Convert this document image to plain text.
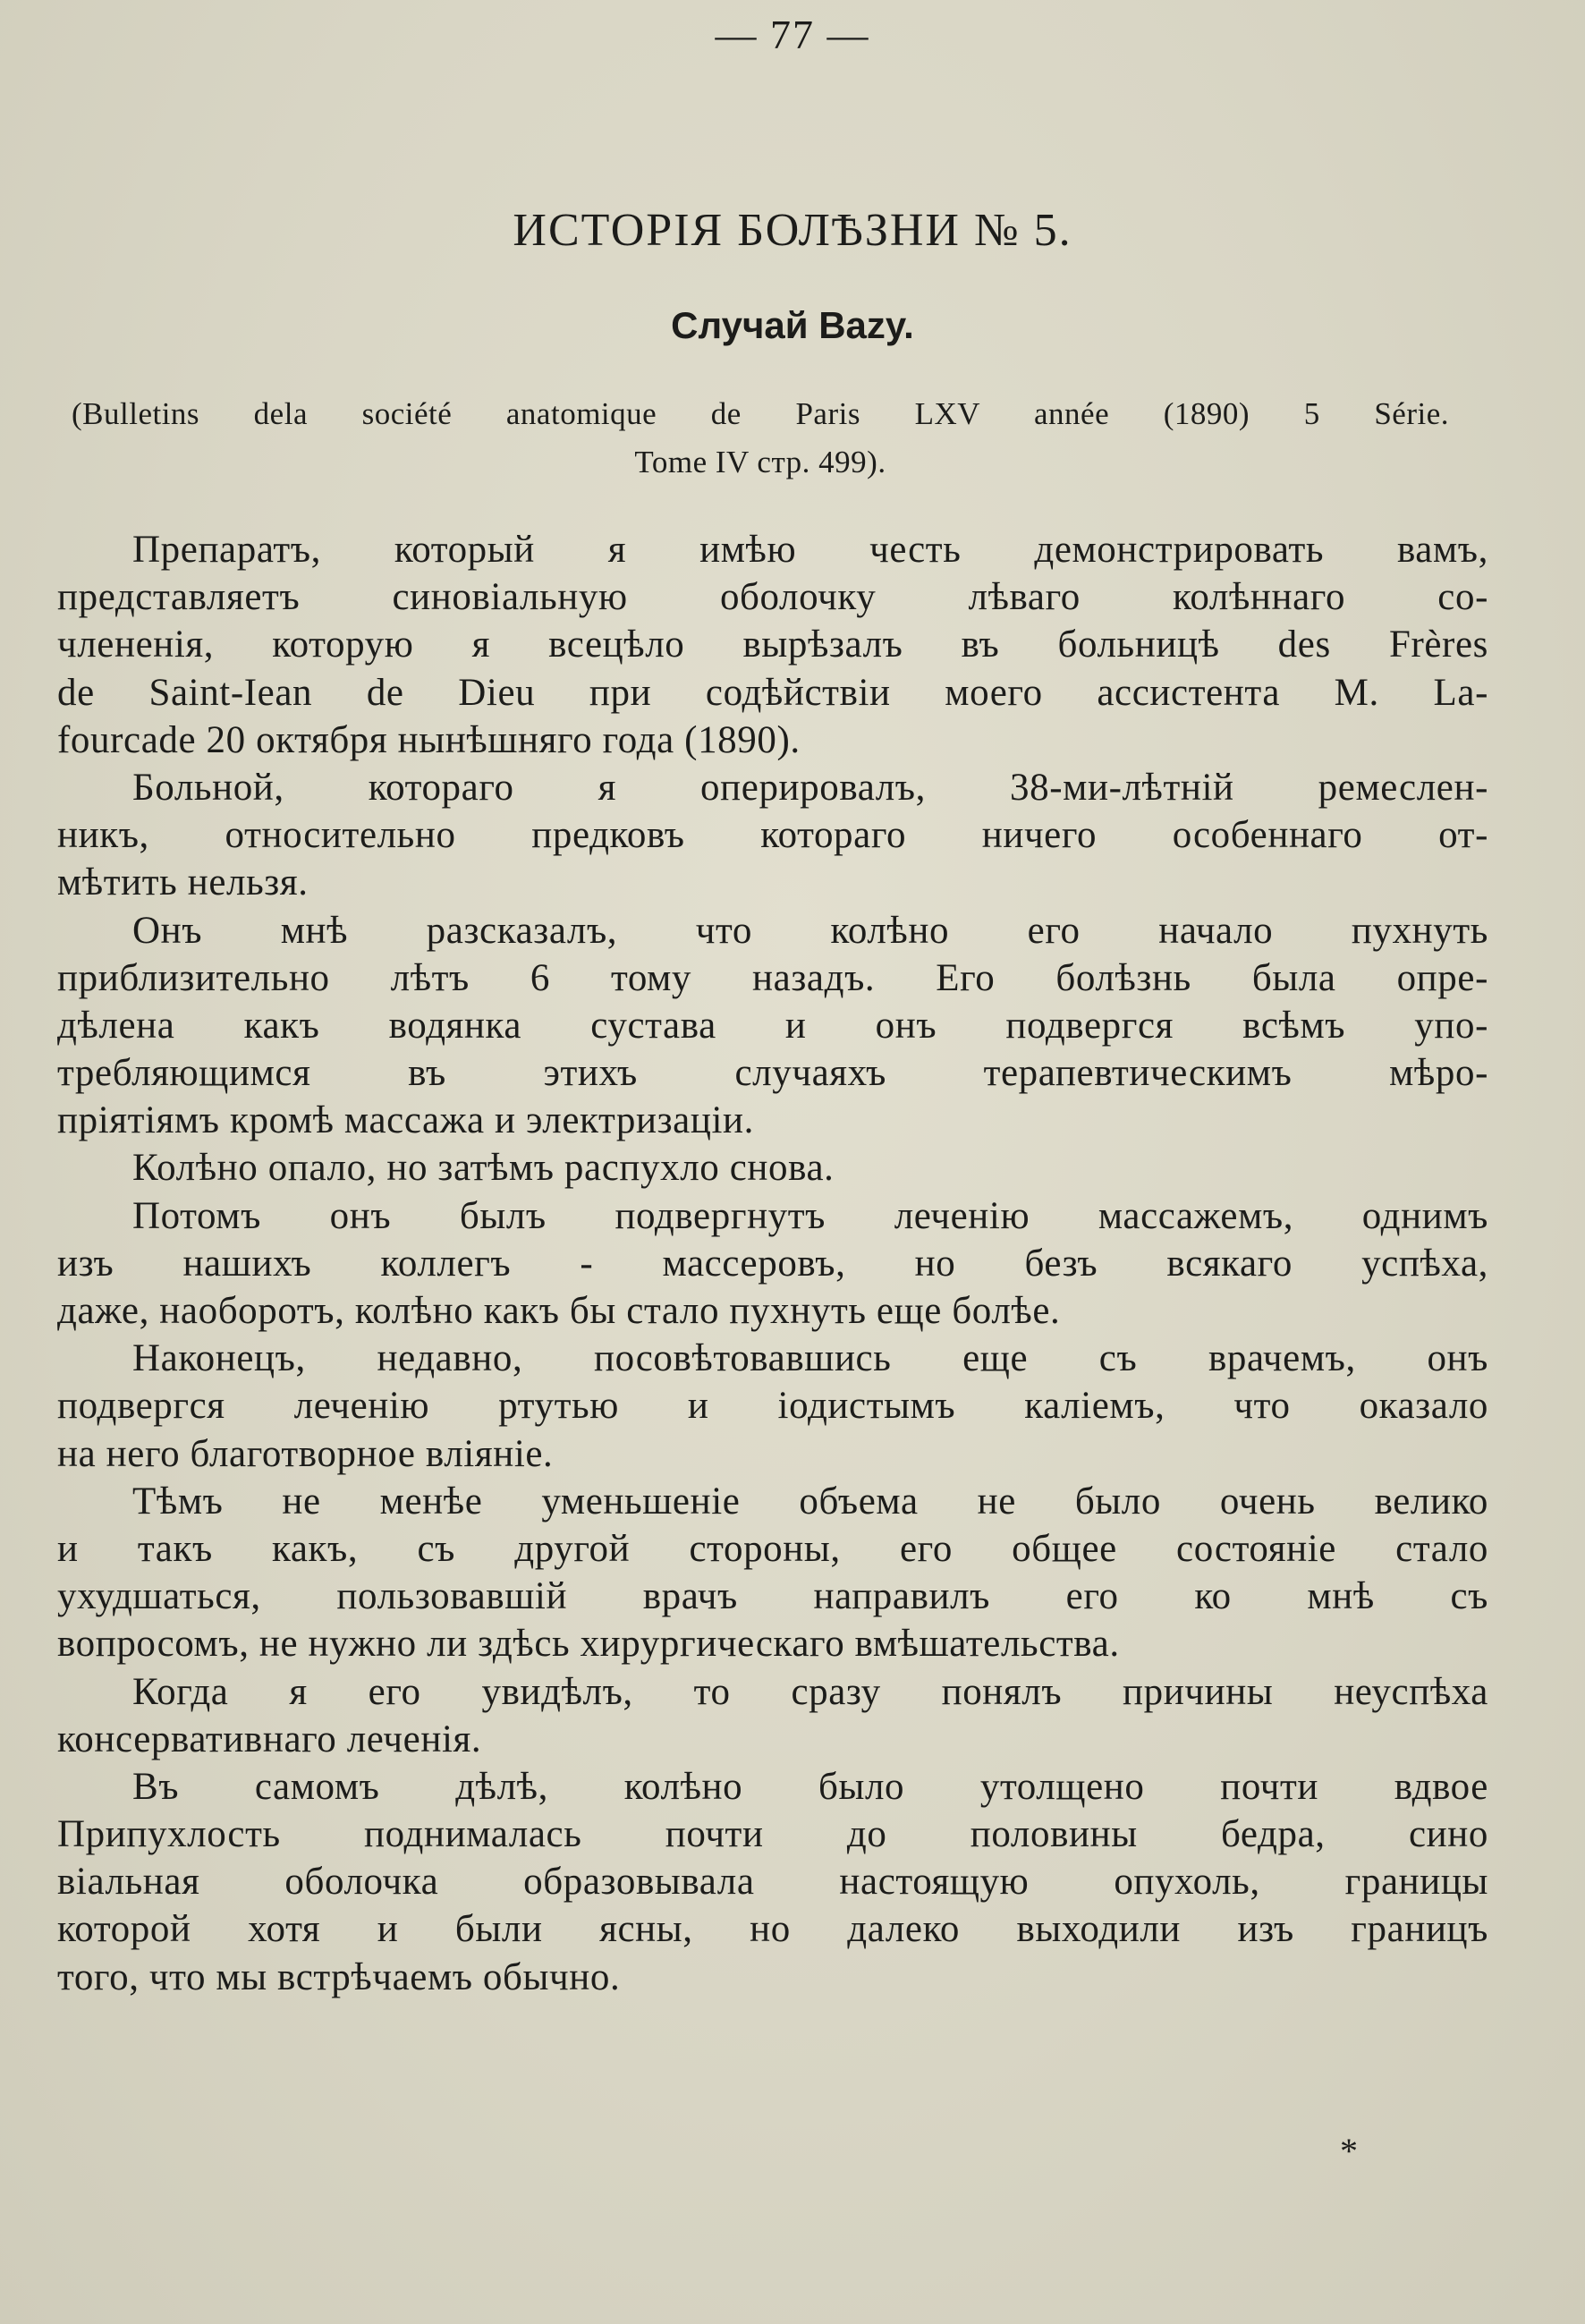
— 77 —
ИСТОРІЯ БОЛѢЗНИ № 5.
Случай Bazy.
(Bulletins dela société anatomique de Paris LXV année (1890) 5 Série.
Tome IV стр. 499).
Препаратъ, который я имѣю честь демонстрировать вамъ,
представляетъ синовіальную оболочку лѣваго колѣннаго со-
члененія, которую я всецѣло вырѣзалъ въ больницѣ des Frères
de Saint-Iean de Dieu при содѣйствіи моего ассистента M. La-
fourcade 20 октября нынѣшняго года (1890).
Больной, котораго я оперировалъ, 38-ми-лѣтній ремеслен-
никъ, относительно предковъ котораго ничего особеннаго от-
мѣтить нельзя.
Онъ мнѣ разсказалъ, что колѣно его начало пухнуть
приблизительно лѣтъ 6 тому назадъ. Его болѣзнь была опре-
дѣлена какъ водянка сустава и онъ подвергся всѣмъ упо-
требляющимся въ этихъ случаяхъ терапевтическимъ мѣро-
пріятіямъ кромѣ массажа и электризаціи.
Колѣно опало, но затѣмъ распухло снова.
Потомъ онъ былъ подвергнутъ леченію массажемъ, однимъ
изъ нашихъ коллегъ - массеровъ, но безъ всякаго успѣха,
даже, наоборотъ, колѣно какъ бы стало пухнуть еще болѣе.
Наконецъ, недавно, посовѣтовавшись еще съ врачемъ, онъ
подвергся леченію ртутью и іодистымъ каліемъ, что оказало
на него благотворное вліяніе.
Тѣмъ не менѣе уменьшеніе объема не было очень велико
и такъ какъ, съ другой стороны, его общее состояніе стало
ухудшаться, пользовавшій врачъ направилъ его ко мнѣ съ
вопросомъ, не нужно ли здѣсь хирургическаго вмѣшательства.
Когда я его увидѣлъ, то сразу понялъ причины неуспѣха
консервативнаго леченія.
Въ самомъ дѣлѣ, колѣно было утолщено почти вдвое
Припухлость поднималась почти до половины бедра, сино
віальная оболочка образовывала настоящую опухоль, границы
которой хотя и были ясны, но далеко выходили изъ границъ
того, что мы встрѣчаемъ обычно.
*
